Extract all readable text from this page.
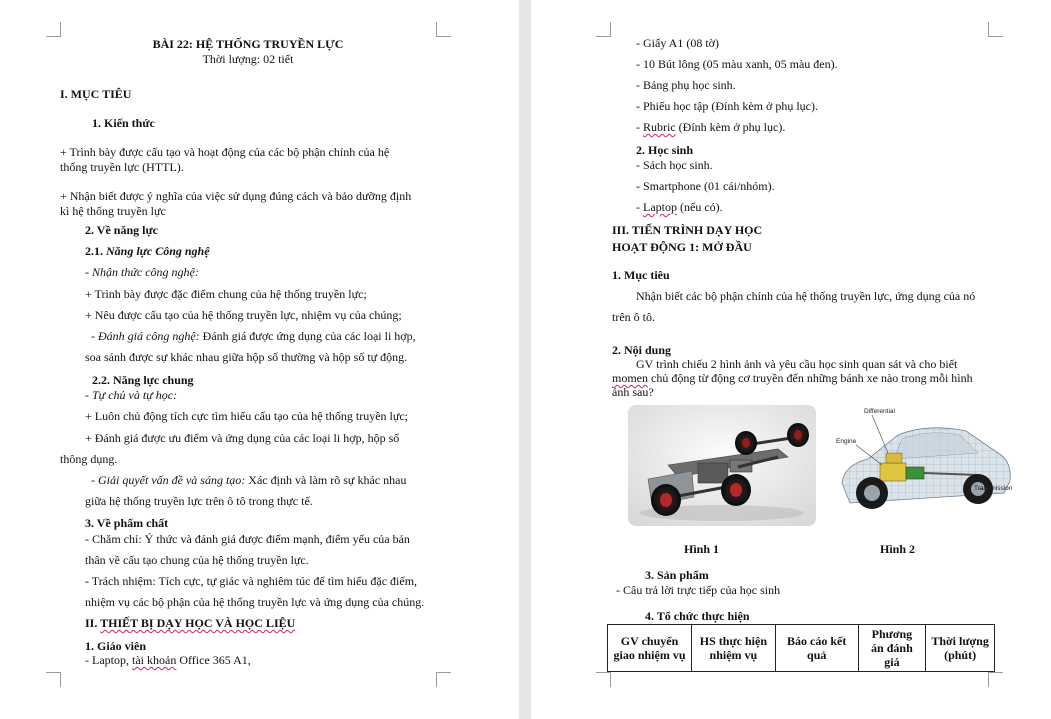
BÀI 22: HỆ THỐNG TRUYỀN LỰC
Thời lượng: 02 tiết
I. MỤC TIÊU
1. Kiến thức
+ Trình bày được cấu tạo và hoạt động của các bộ phận chính của hệ
thống truyền lực (HTTL).
+ Nhận biết được ý nghĩa của việc sử dụng đúng cách và bảo dưỡng định
kì hệ thống truyền lực
2. Về năng lực
2.1. Năng lực Công nghệ
- Nhận thức công nghệ:
+ Trình bày được đặc điểm chung của hệ thống truyền lực;
+ Nêu được cấu tạo của hệ thống truyền lực, nhiệm vụ của chúng;
- Đánh giá công nghệ: Đánh giá được ứng dụng của các loại li hợp,
soa sánh được sự khác nhau giữa hộp số thường và hộp số tự động.
2.2. Năng lực chung
- Tự chủ và tự học:
+ Luôn chủ động tích cực tìm hiểu cấu tạo của hệ thống truyền lực;
+ Đánh giá được ưu điểm và ứng dụng của các loại li hợp, hộp số
thông dụng.
- Giải quyết vấn đề và sáng tạo: Xác định và làm rõ sự khác nhau
giữa hệ thống truyền lực trên ô tô trong thực tế.
3. Về phẩm chất
- Chăm chỉ: Ý thức và đánh giá được điểm mạnh, điểm yếu của bản
thân về cấu tạo chung của hệ thống truyền lực.
- Trách nhiệm: Tích cực, tự giác và nghiêm túc để tìm hiểu đặc điểm,
nhiệm vụ các bộ phận của hệ thống truyền lực và ứng dụng của chúng.
II. THIẾT BỊ DẠY HỌC VÀ HỌC LIỆU
1. Giáo viên
- Laptop, tài khoản Office 365 A1,
- Giấy A1 (08 tờ)
- 10 Bút lông (05 màu xanh, 05 màu đen).
- Bảng phụ học sinh.
- Phiếu học tập (Đính kèm ở phụ lục).
- Rubric (Đính kèm ở phụ lục).
2. Học sinh
- Sách học sinh.
- Smartphone (01 cái/nhóm).
- Laptop (nếu có).
III. TIẾN TRÌNH DẠY HỌC
HOẠT ĐỘNG 1: MỞ ĐẦU
1. Mục tiêu
Nhận biết các bộ phận chính của hệ thống truyền lực, ứng dụng của nó
trên ô tô.
2. Nội dung
GV trình chiếu 2 hình ảnh và yêu cầu học sinh quan sát và cho biết
momen chủ động từ động cơ truyền đến những bánh xe nào trong mỗi hình
ảnh sau?
Differential
Engine
Transmission
Hình 1	Hình 2
3. Sản phẩm
- Câu trả lời trực tiếp của học sinh
4. Tổ chức thực hiện
GV chuyển
giao nhiệm vụ	HS thực hiện
nhiệm vụ	Báo cáo kết
quả	Phương
án đánh
giá	Thời lượng
(phút)
